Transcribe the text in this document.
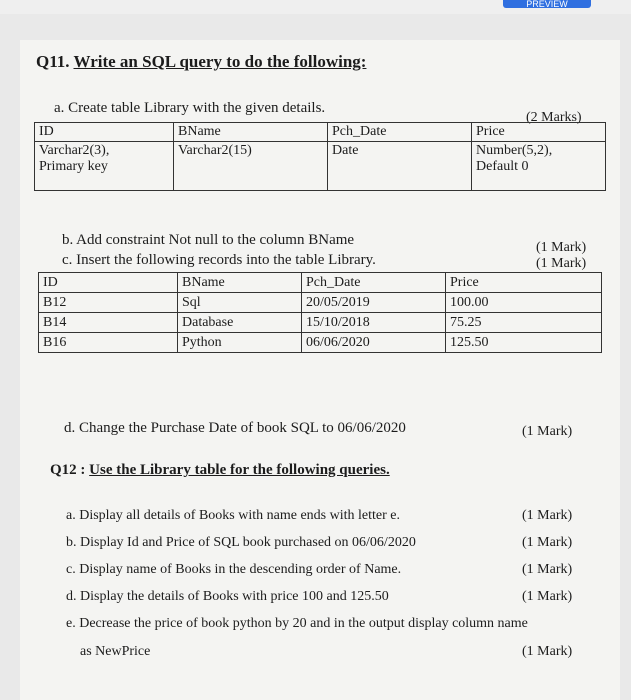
PREVIEW
Q11. Write an SQL query to do the following:
a. Create table Library with the given details.
(2 Marks)
ID	BName	Pch_Date	Price
Varchar2(3),
Primary key	Varchar2(15)	Date	Number(5,2),
Default 0
b. Add constraint Not null to the column BName	(1 Mark)
c. Insert the following records into the table Library.	(1 Mark)
ID	BName	Pch_Date	Price
B12	Sql	20/05/2019	100.00
B14	Database	15/10/2018	75.25
B16	Python	06/06/2020	125.50
d. Change the Purchase Date of book SQL to 06/06/2020	(1 Mark)
Q12 : Use the Library table for the following queries.
a. Display all details of Books with name ends with letter e.	(1 Mark)
b. Display Id and Price of SQL book purchased on 06/06/2020	(1 Mark)
c. Display name of Books in the descending order of Name.	(1 Mark)
d. Display the details of Books with price 100 and 125.50	(1 Mark)
e. Decrease the price of book python by 20 and in the output display column name
as NewPrice	(1 Mark)
